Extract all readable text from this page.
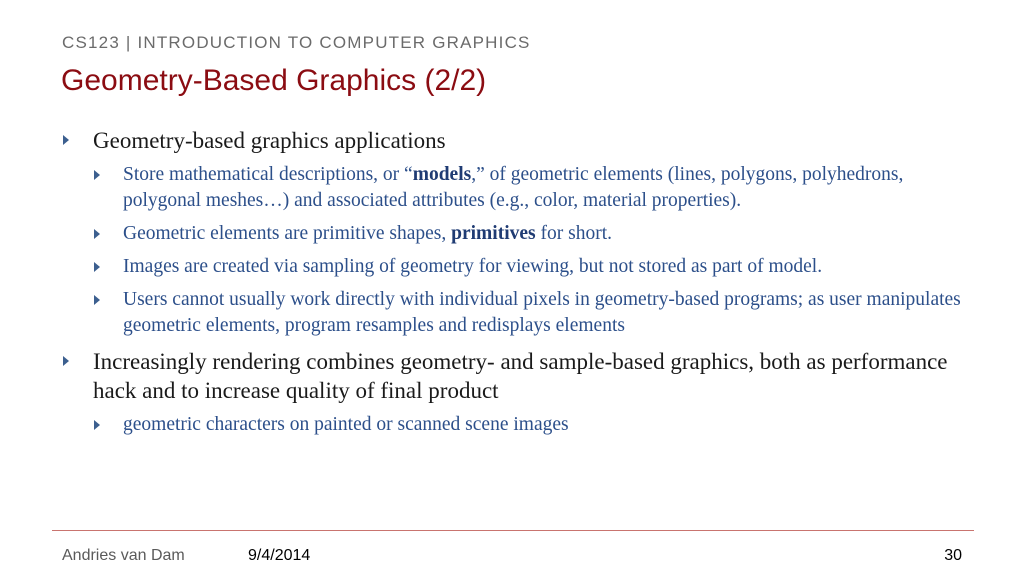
CS123 | INTRODUCTION TO COMPUTER GRAPHICS
Geometry-Based Graphics (2/2)
Geometry-based graphics applications
Store mathematical descriptions, or “models,” of geometric elements (lines, polygons, polyhedrons, polygonal meshes…) and associated attributes (e.g., color, material properties).
Geometric elements are primitive shapes, primitives for short.
Images are created via sampling of geometry for viewing, but not stored as part of model.
Users cannot usually work directly with individual pixels in geometry-based programs; as user manipulates geometric elements, program resamples and redisplays elements
Increasingly rendering combines geometry- and sample-based graphics, both as performance hack and to increase quality of final product
geometric characters on painted or scanned scene images
Andries van Dam	9/4/2014	30
